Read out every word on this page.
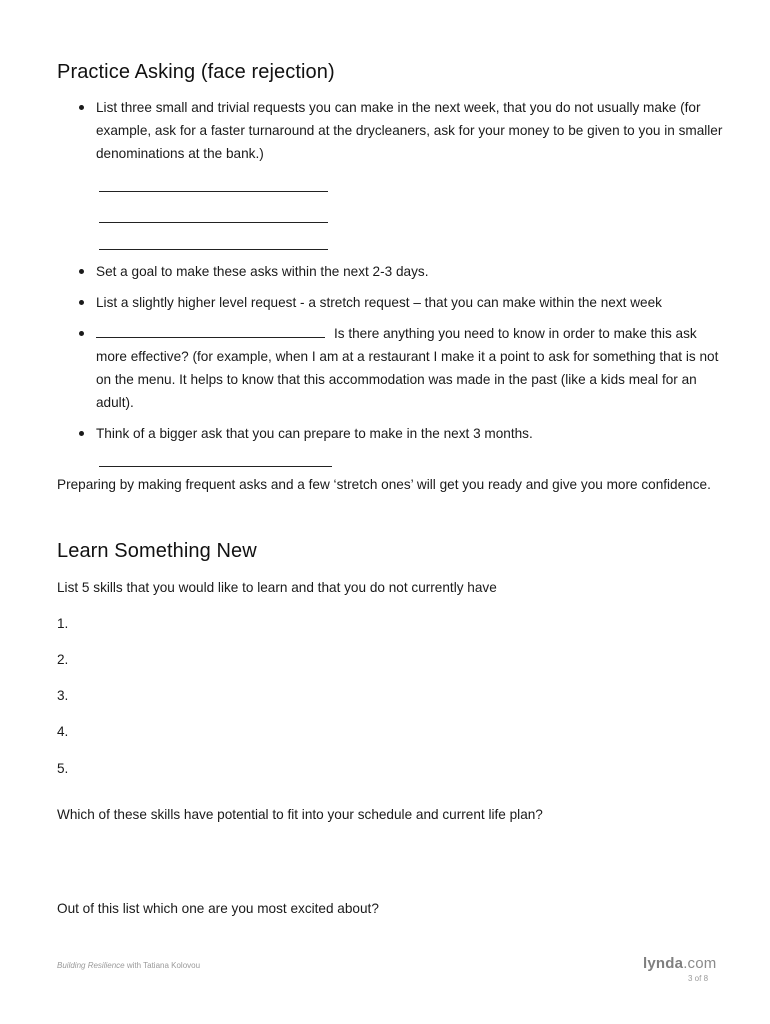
Practice Asking (face rejection)
List three small and trivial requests you can make in the next week, that you do not usually make (for example, ask for a faster turnaround at the drycleaners, ask for your money to be given to you in smaller denominations at the bank.)
Set a goal to make these asks within the next 2-3 days.
List a slightly higher level request - a stretch request – that you can make within the next week
Is there anything you need to know in order to make this ask more effective? (for example, when I am at a restaurant I make it a point to ask for something that is not on the menu. It helps to know that this accommodation was made in the past (like a kids meal for an adult).
Think of a bigger ask that you can prepare to make in the next 3 months.
Preparing by making frequent asks and a few ‘stretch ones’ will get you ready and give you more confidence.
Learn Something New
List 5 skills that you would like to learn and that you do not currently have
1.
2.
3.
4.
5.
Which of these skills have potential to fit into your schedule and current life plan?
Out of this list which one are you most excited about?
Building Resilience with Tatiana Kolovou	lynda.com
3 of 8
